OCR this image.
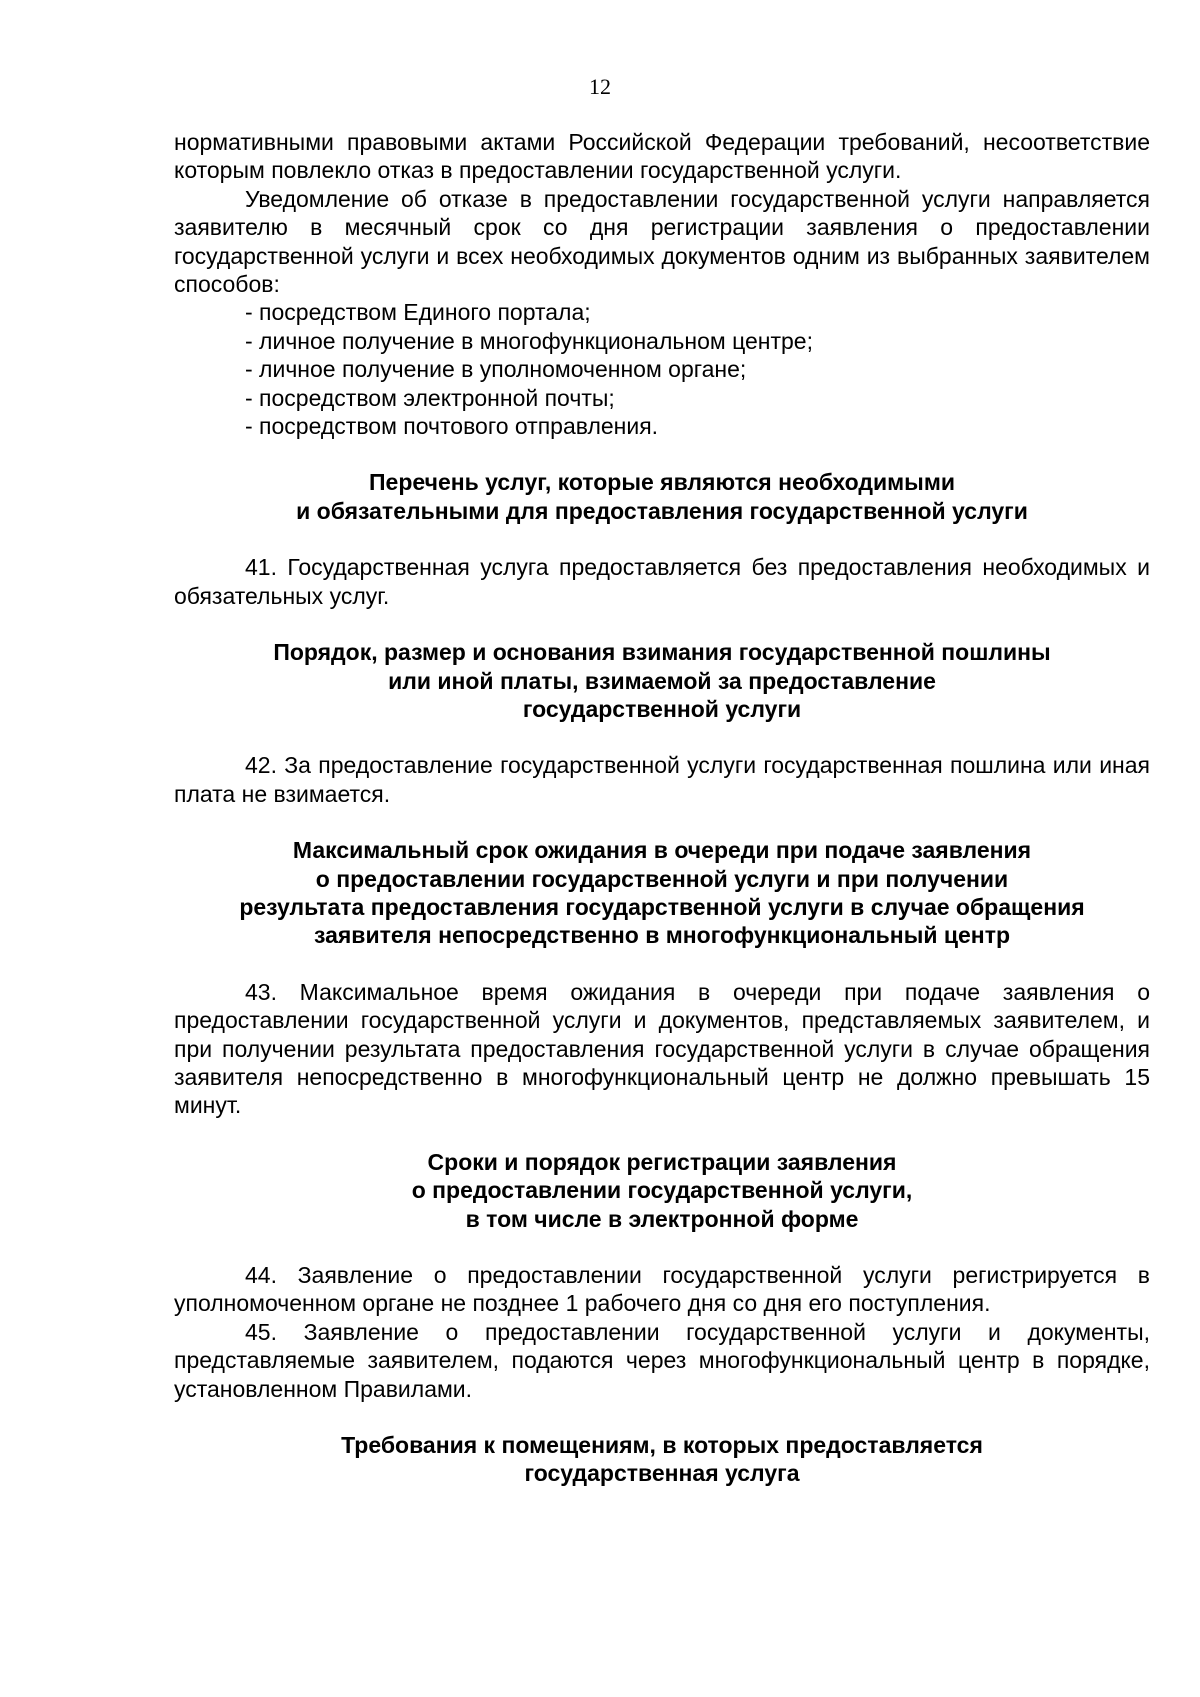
12

нормативными правовыми актами Российской Федерации требований, несоответствие которым повлекло отказ в предоставлении государственной услуги.

Уведомление об отказе в предоставлении государственной услуги направляется заявителю в месячный срок со дня регистрации заявления о предоставлении государственной услуги и всех необходимых документов одним из выбранных заявителем способов:

- посредством Единого портала;

- личное получение в многофункциональном центре;

- личное получение в уполномоченном органе;

- посредством электронной почты;

- посредством почтового отправления.

Перечень услуг, которые являются необходимыми

и обязательными для предоставления государственной услуги

41. Государственная услуга предоставляется без предоставления необходимых и обязательных услуг.

Порядок, размер и основания взимания государственной пошлины

или иной платы, взимаемой за предоставление

государственной услуги

42. За предоставление государственной услуги государственная пошлина или иная плата не взимается.

Максимальный срок ожидания в очереди при подаче заявления

о предоставлении государственной услуги и при получении

результата предоставления государственной услуги в случае обращения

заявителя непосредственно в многофункциональный центр

43. Максимальное время ожидания в очереди при подаче заявления о предоставлении государственной услуги и документов, представляемых заявителем, и при получении результата предоставления государственной услуги в случае обращения заявителя непосредственно в многофункциональный центр не должно превышать 15 минут.

Сроки и порядок регистрации заявления

о предоставлении государственной услуги,

в том числе в электронной форме

44. Заявление о предоставлении государственной услуги регистрируется в уполномоченном органе не позднее 1 рабочего дня со дня его поступления.

45. Заявление о предоставлении государственной услуги и документы, представляемые заявителем, подаются через многофункциональный центр в порядке, установленном Правилами.

Требования к помещениям, в которых предоставляется

государственная услуга
